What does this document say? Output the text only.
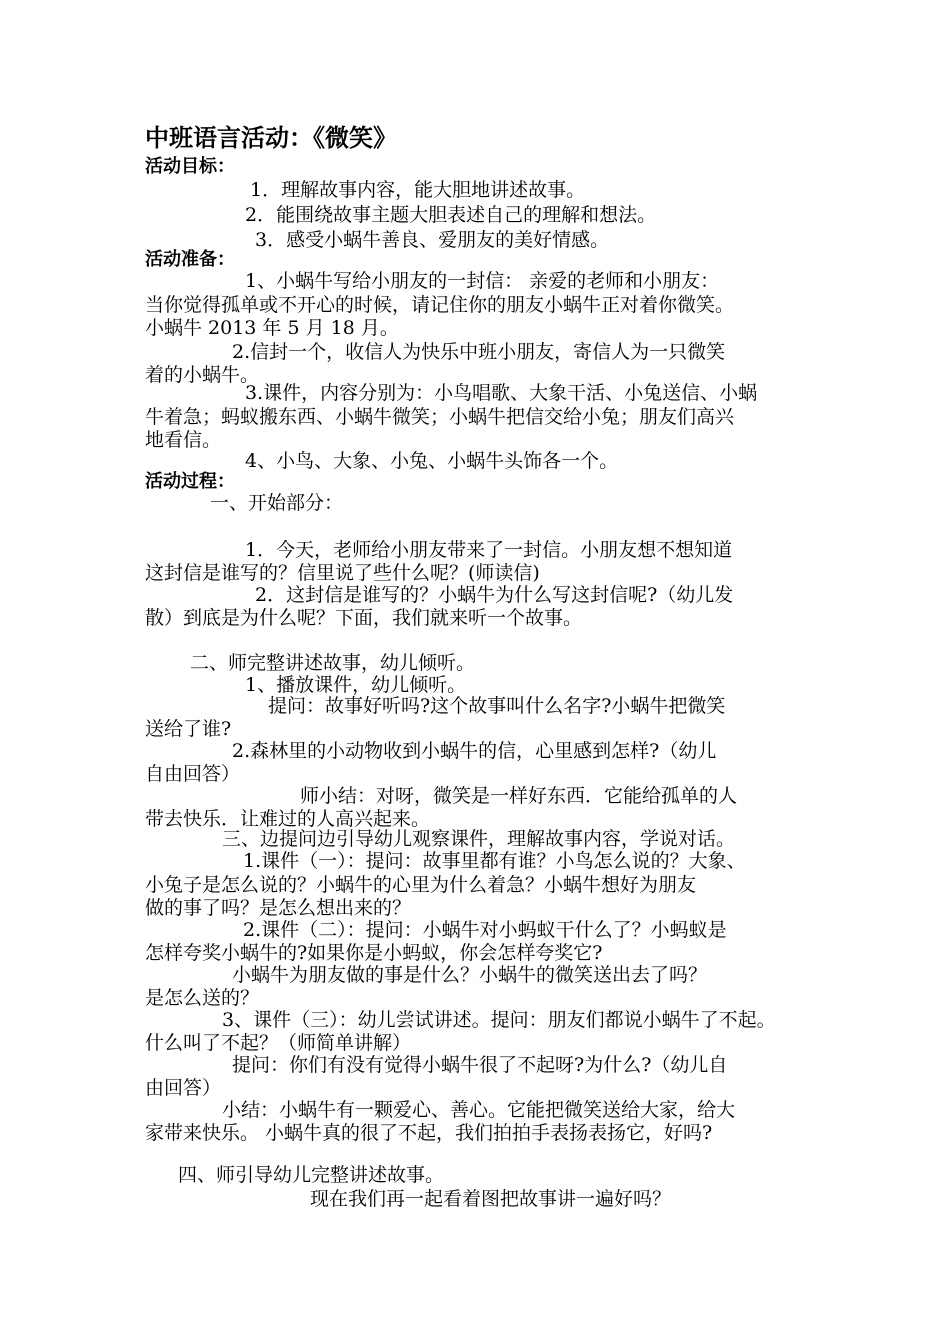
中班语言活动：《微笑》
活动目标：
1．理解故事内容，能大胆地讲述故事。
2．能围绕故事主题大胆表述自己的理解和想法。
3．感受小蜗牛善良、爱朋友的美好情感。
活动准备：
1、小蜗牛写给小朋友的一封信： 亲爱的老师和小朋友：
当你觉得孤单或不开心的时候，请记住你的朋友小蜗牛正对着你微笑。
小蜗牛 2013 年 5 月 18 月。
2.信封一个，收信人为快乐中班小朋友，寄信人为一只微笑
着的小蜗牛。
3.课件，内容分别为：小鸟唱歌、大象干活、小兔送信、小蜗
牛着急；蚂蚁搬东西、小蜗牛微笑；小蜗牛把信交给小兔；朋友们高兴
地看信。
4、小鸟、大象、小兔、小蜗牛头饰各一个。
活动过程：
一、开始部分：
1．今天，老师给小朋友带来了一封信。小朋友想不想知道
这封信是谁写的？信里说了些什么呢？(师读信)
2．这封信是谁写的？小蜗牛为什么写这封信呢?（幼儿发
散）到底是为什么呢？下面，我们就来听一个故事。
二、师完整讲述故事，幼儿倾听。
1、播放课件，幼儿倾听。
提问：故事好听吗?这个故事叫什么名字?小蜗牛把微笑
送给了谁?
2.森林里的小动物收到小蜗牛的信，心里感到怎样?（幼儿
自由回答）
师小结：对呀，微笑是一样好东西．它能给孤单的人
带去快乐．让难过的人高兴起来。
三、边提问边引导幼儿观察课件，理解故事内容，学说对话。
1.课件（一）：提问：故事里都有谁？小鸟怎么说的？大象、
小兔子是怎么说的？小蜗牛的心里为什么着急？小蜗牛想好为朋友
做的事了吗？是怎么想出来的？
2.课件（二）：提问：小蜗牛对小蚂蚁干什么了？小蚂蚁是
怎样夸奖小蜗牛的?如果你是小蚂蚁，你会怎样夸奖它?
小蜗牛为朋友做的事是什么？小蜗牛的微笑送出去了吗？
是怎么送的？
3、课件（三）：幼儿尝试讲述。提问：朋友们都说小蜗牛了不起。
什么叫了不起？（师简单讲解）
提问：你们有没有觉得小蜗牛很了不起呀?为什么?（幼儿自
由回答）
小结：小蜗牛有一颗爱心、善心。它能把微笑送给大家，给大
家带来快乐。 小蜗牛真的很了不起，我们拍拍手表扬表扬它，好吗?
四、师引导幼儿完整讲述故事。
现在我们再一起看着图把故事讲一遍好吗？
